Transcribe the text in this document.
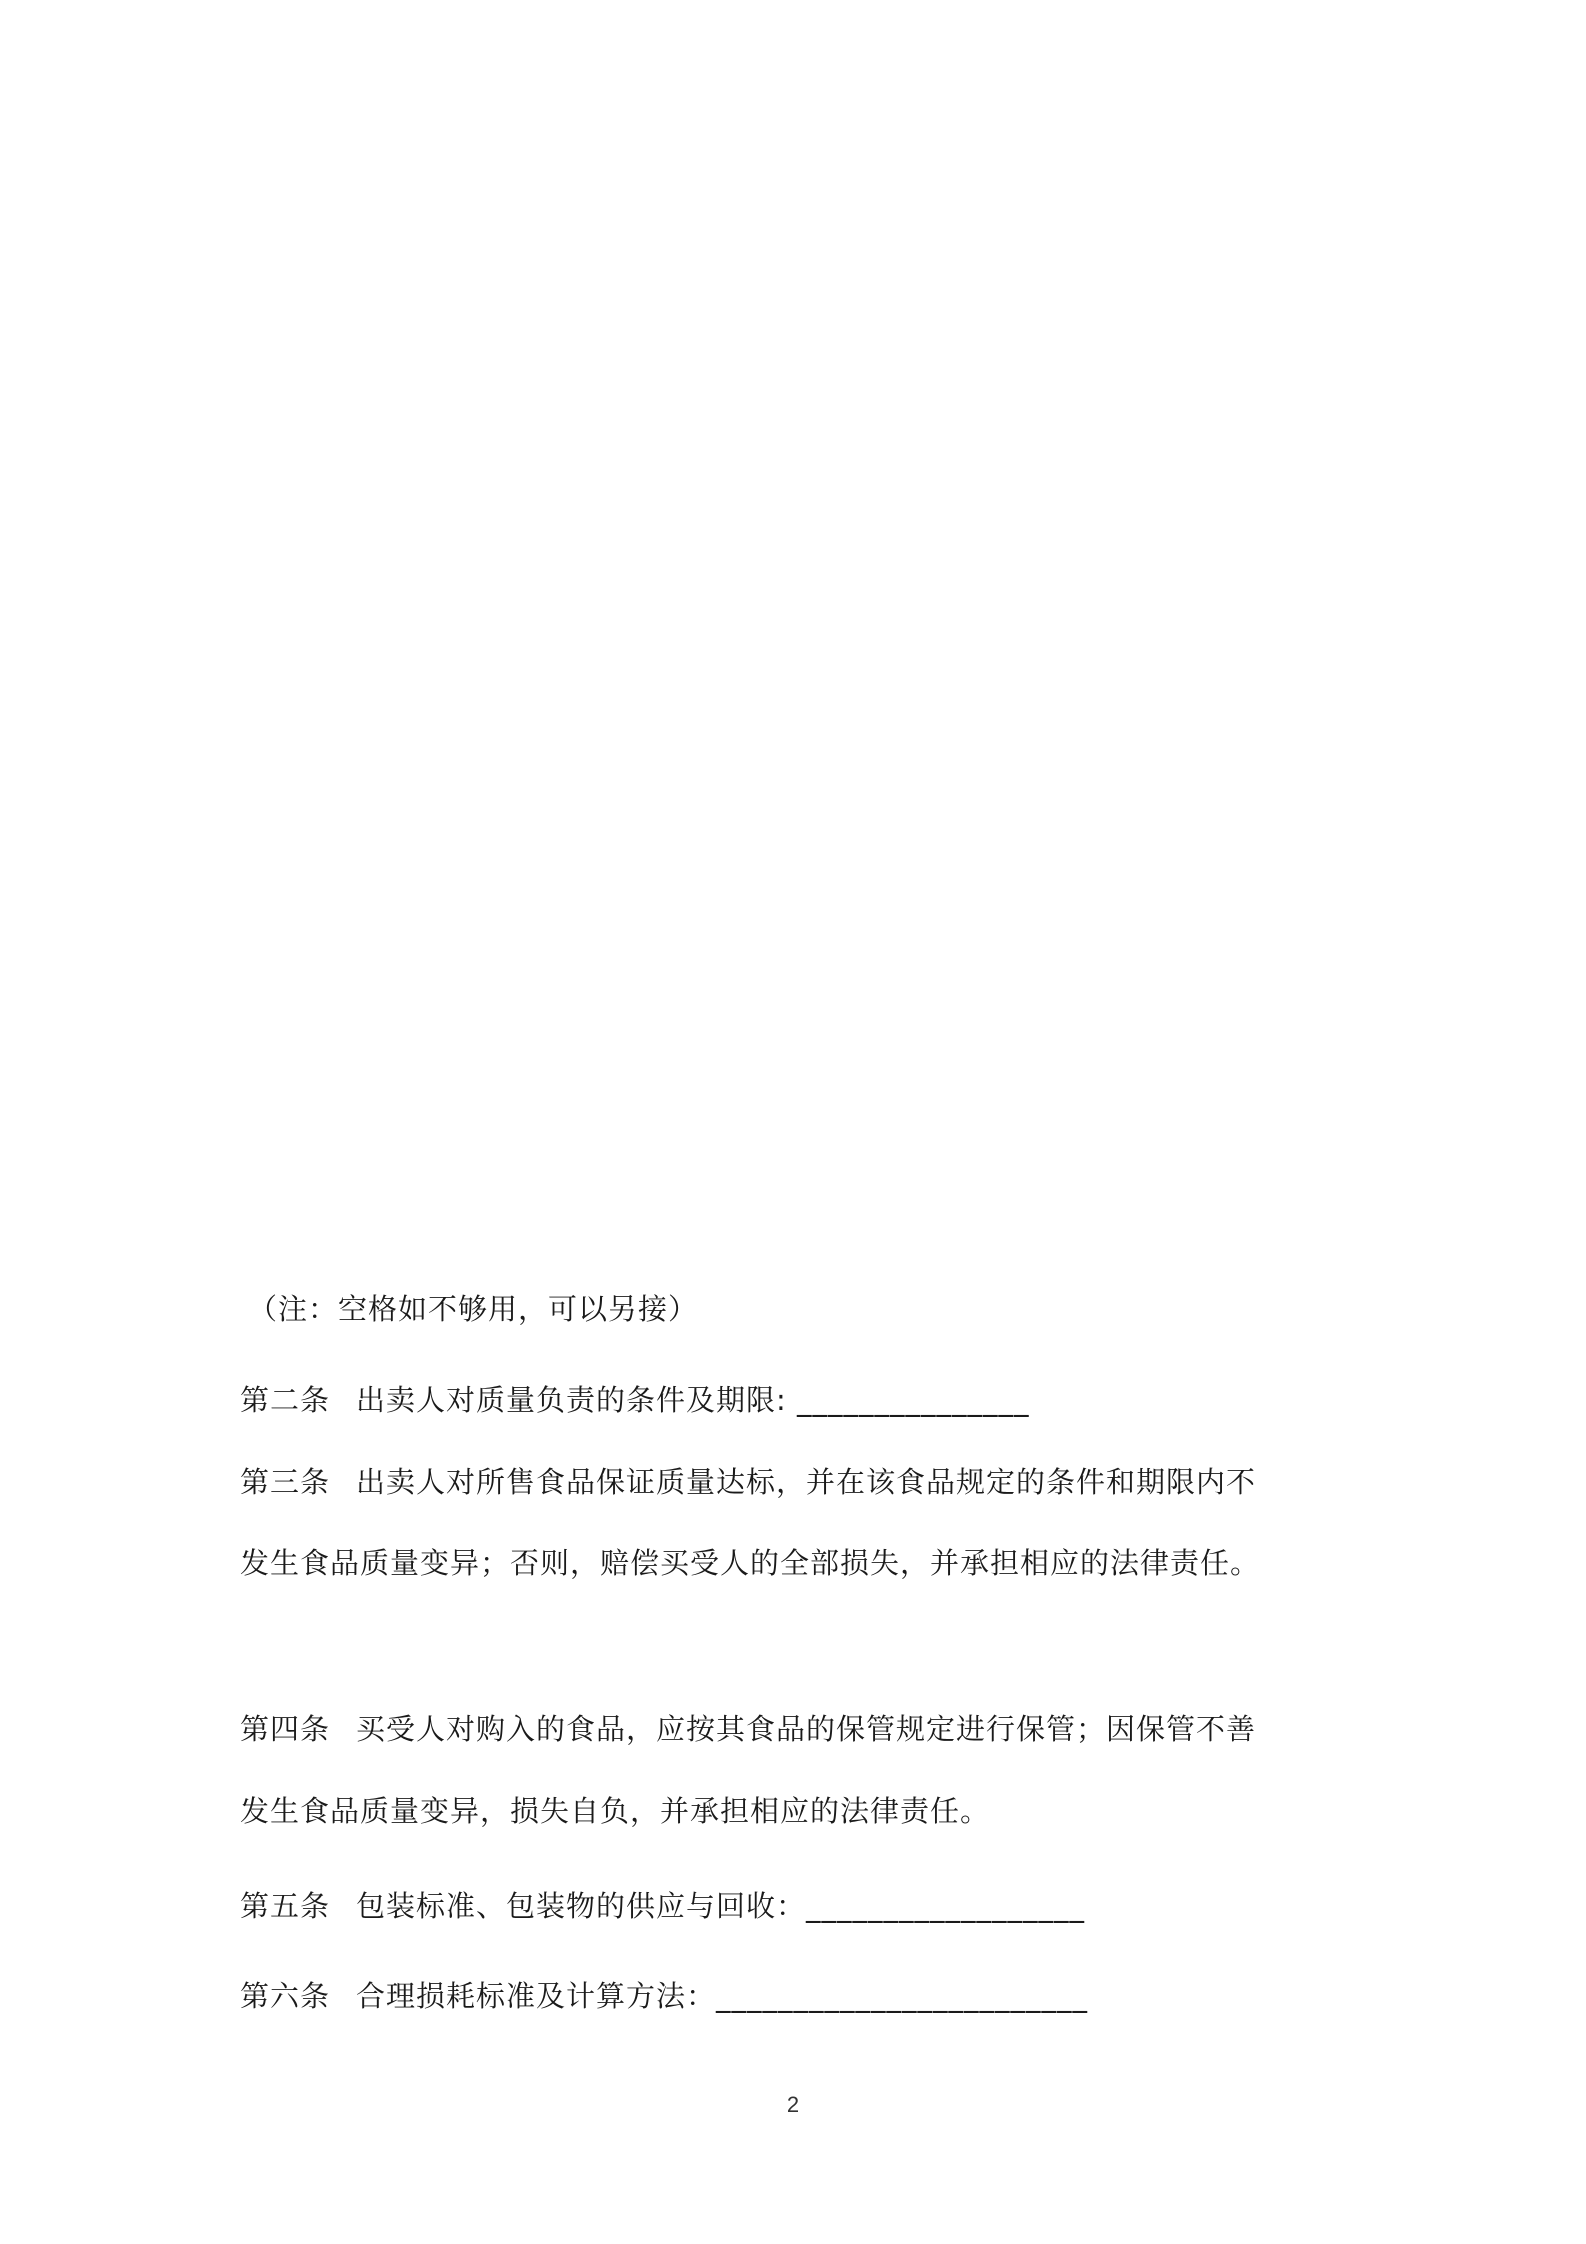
（注：空格如不够用，可以另接）
第二条 出卖人对质量负责的条件及期限: _______________
第三条 出卖人对所售食品保证质量达标，并在该食品规定的条件和期限内不
发生食品质量变异；否则，赔偿买受人的全部损失，并承担相应的法律责任。
第四条 买受人对购入的食品，应按其食品的保管规定进行保管；因保管不善
发生食品质量变异，损失自负，并承担相应的法律责任。
第五条 包装标准、包装物的供应与回收：__________________
第六条 合理损耗标准及计算方法：________________________
2
